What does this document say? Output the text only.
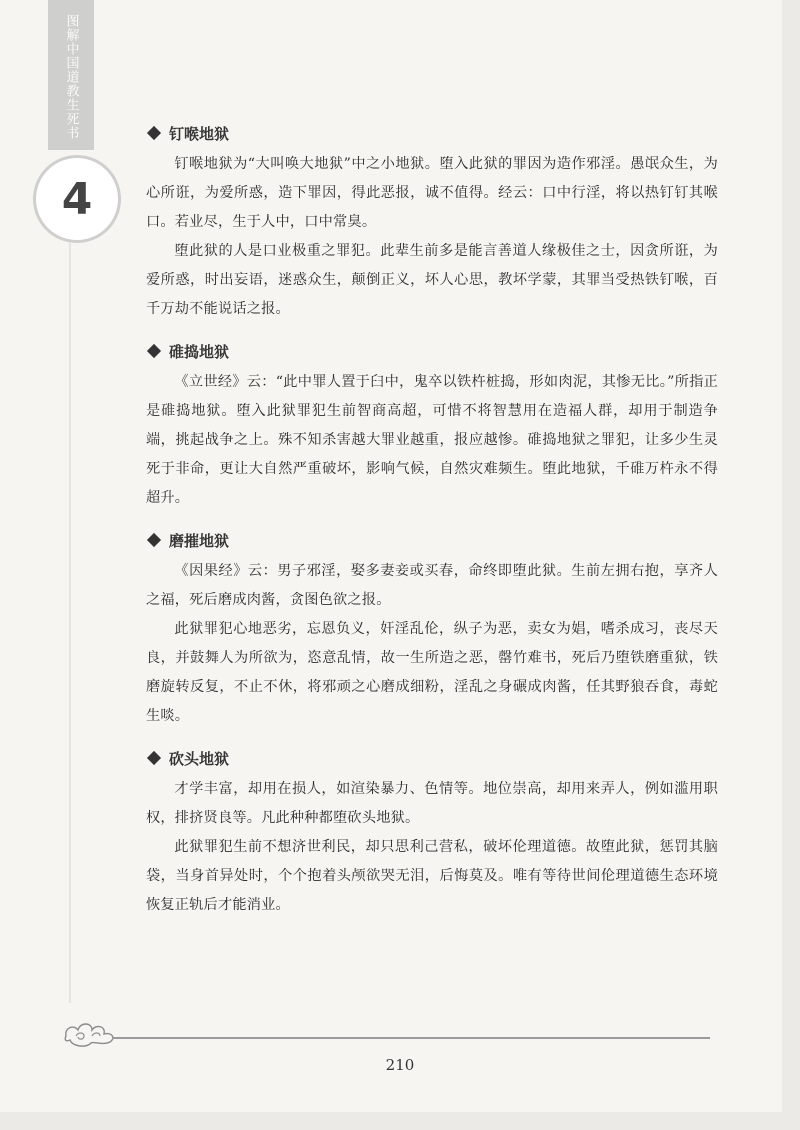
图解中国道教生死书
4
钉喉地狱

钉喉地狱为“大叫唤大地狱”中之小地狱。堕入此狱的罪因为造作邪淫。愚氓众生，为心所诳，为爱所惑，造下罪因，得此恶报，诚不值得。经云：口中行淫，将以热钉钉其喉口。若业尽，生于人中，口中常臭。

堕此狱的人是口业极重之罪犯。此辈生前多是能言善道人缘极佳之士，因贪所诳，为爱所惑，时出妄语，迷惑众生，颠倒正义，坏人心思，教坏学蒙，其罪当受热铁钉喉，百千万劫不能说话之报。

碓捣地狱

《立世经》云：“此中罪人置于臼中，鬼卒以铁杵桩捣，形如肉泥，其惨无比。”所指正是碓捣地狱。堕入此狱罪犯生前智商高超，可惜不将智慧用在造福人群，却用于制造争端，挑起战争之上。殊不知杀害越大罪业越重，报应越惨。碓捣地狱之罪犯，让多少生灵死于非命，更让大自然严重破坏，影响气候，自然灾难频生。堕此地狱，千碓万杵永不得超升。

磨摧地狱

《因果经》云：男子邪淫，娶多妻妾或买春，命终即堕此狱。生前左拥右抱，享齐人之福，死后磨成肉酱，贪图色欲之报。

此狱罪犯心地恶劣，忘恩负义，奸淫乱伦，纵子为恶，卖女为娼，嗜杀成习，丧尽天良，并鼓舞人为所欲为，恣意乱情，故一生所造之恶，罄竹难书，死后乃堕铁磨重狱，铁磨旋转反复，不止不休，将邪顽之心磨成细粉，淫乱之身碾成肉酱，任其野狼吞食，毒蛇生啖。

砍头地狱

才学丰富，却用在损人，如渲染暴力、色情等。地位崇高，却用来弄人，例如滥用职权，排挤贤良等。凡此种种都堕砍头地狱。

此狱罪犯生前不想济世利民，却只思利己营私，破坏伦理道德。故堕此狱，惩罚其脑袋，当身首异处时，个个抱着头颅欲哭无泪，后悔莫及。唯有等待世间伦理道德生态环境恢复正轨后才能消业。

210
